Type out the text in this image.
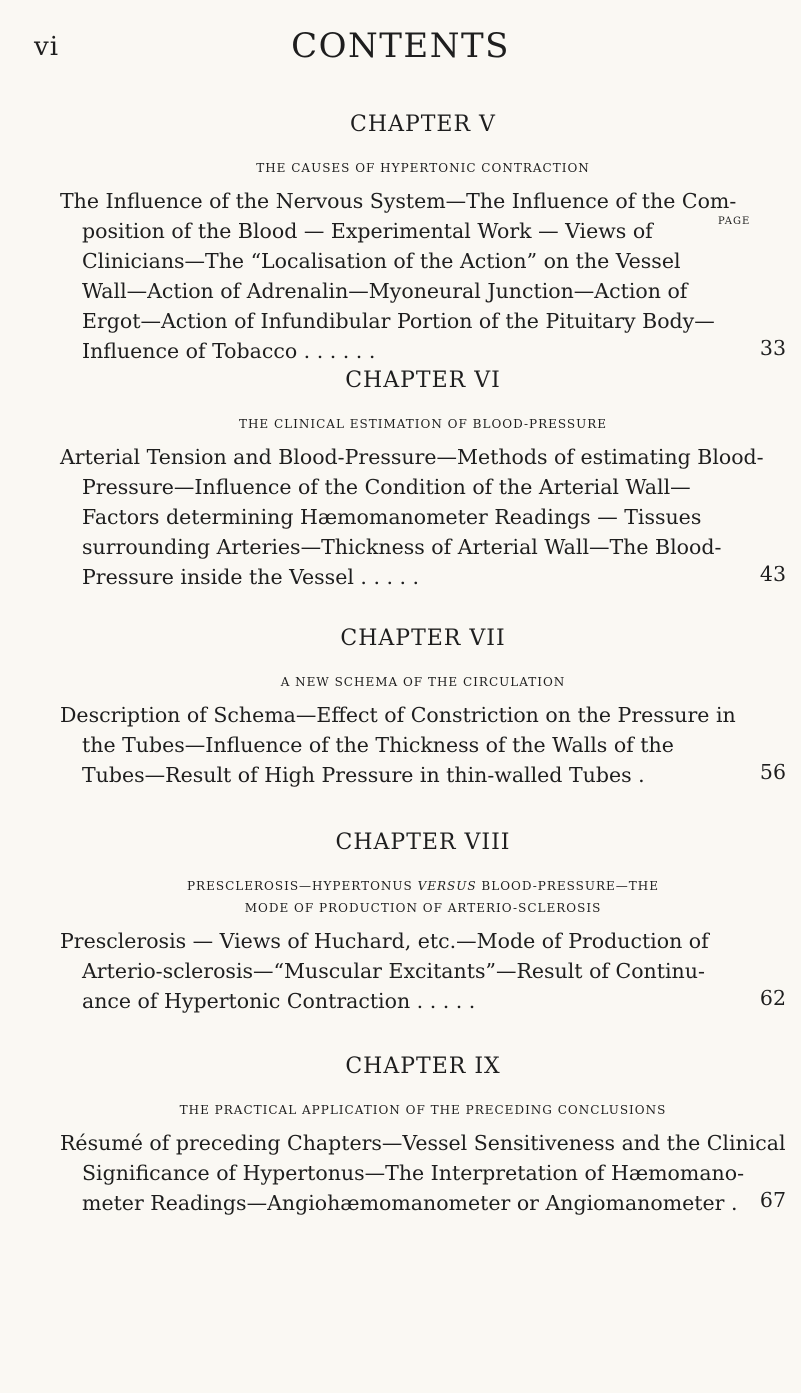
vi	CONTENTS
PAGE
CHAPTER V
THE CAUSES OF HYPERTONIC CONTRACTION
The Influence of the Nervous System—The Influence of the Com-
position of the Blood — Experimental Work — Views of
Clinicians—The “Localisation of the Action” on the Vessel
Wall—Action of Adrenalin—Myoneural Junction—Action of
Ergot—Action of Infundibular Portion of the Pituitary Body—
Influence of Tobacco . . . . . .	33
CHAPTER VI
THE CLINICAL ESTIMATION OF BLOOD-PRESSURE
Arterial Tension and Blood-Pressure—Methods of estimating Blood-
Pressure—Influence of the Condition of the Arterial Wall—
Factors determining Hæmomanometer Readings — Tissues
surrounding Arteries—Thickness of Arterial Wall—The Blood-
Pressure inside the Vessel . . . . .	43
CHAPTER VII
A NEW SCHEMA OF THE CIRCULATION
Description of Schema—Effect of Constriction on the Pressure in
the Tubes—Influence of the Thickness of the Walls of the
Tubes—Result of High Pressure in thin-walled Tubes .	56
CHAPTER VIII
PRESCLEROSIS—HYPERTONUS VERSUS BLOOD-PRESSURE—THE
MODE OF PRODUCTION OF ARTERIO-SCLEROSIS
Presclerosis — Views of Huchard, etc.—Mode of Production of
Arterio-sclerosis—“Muscular Excitants”—Result of Continu-
ance of Hypertonic Contraction . . . . .	62
CHAPTER IX
THE PRACTICAL APPLICATION OF THE PRECEDING CONCLUSIONS
Résumé of preceding Chapters—Vessel Sensitiveness and the Clinical
Significance of Hypertonus—The Interpretation of Hæmomano-
meter Readings—Angiohæmomanometer or Angiomanometer . 67
